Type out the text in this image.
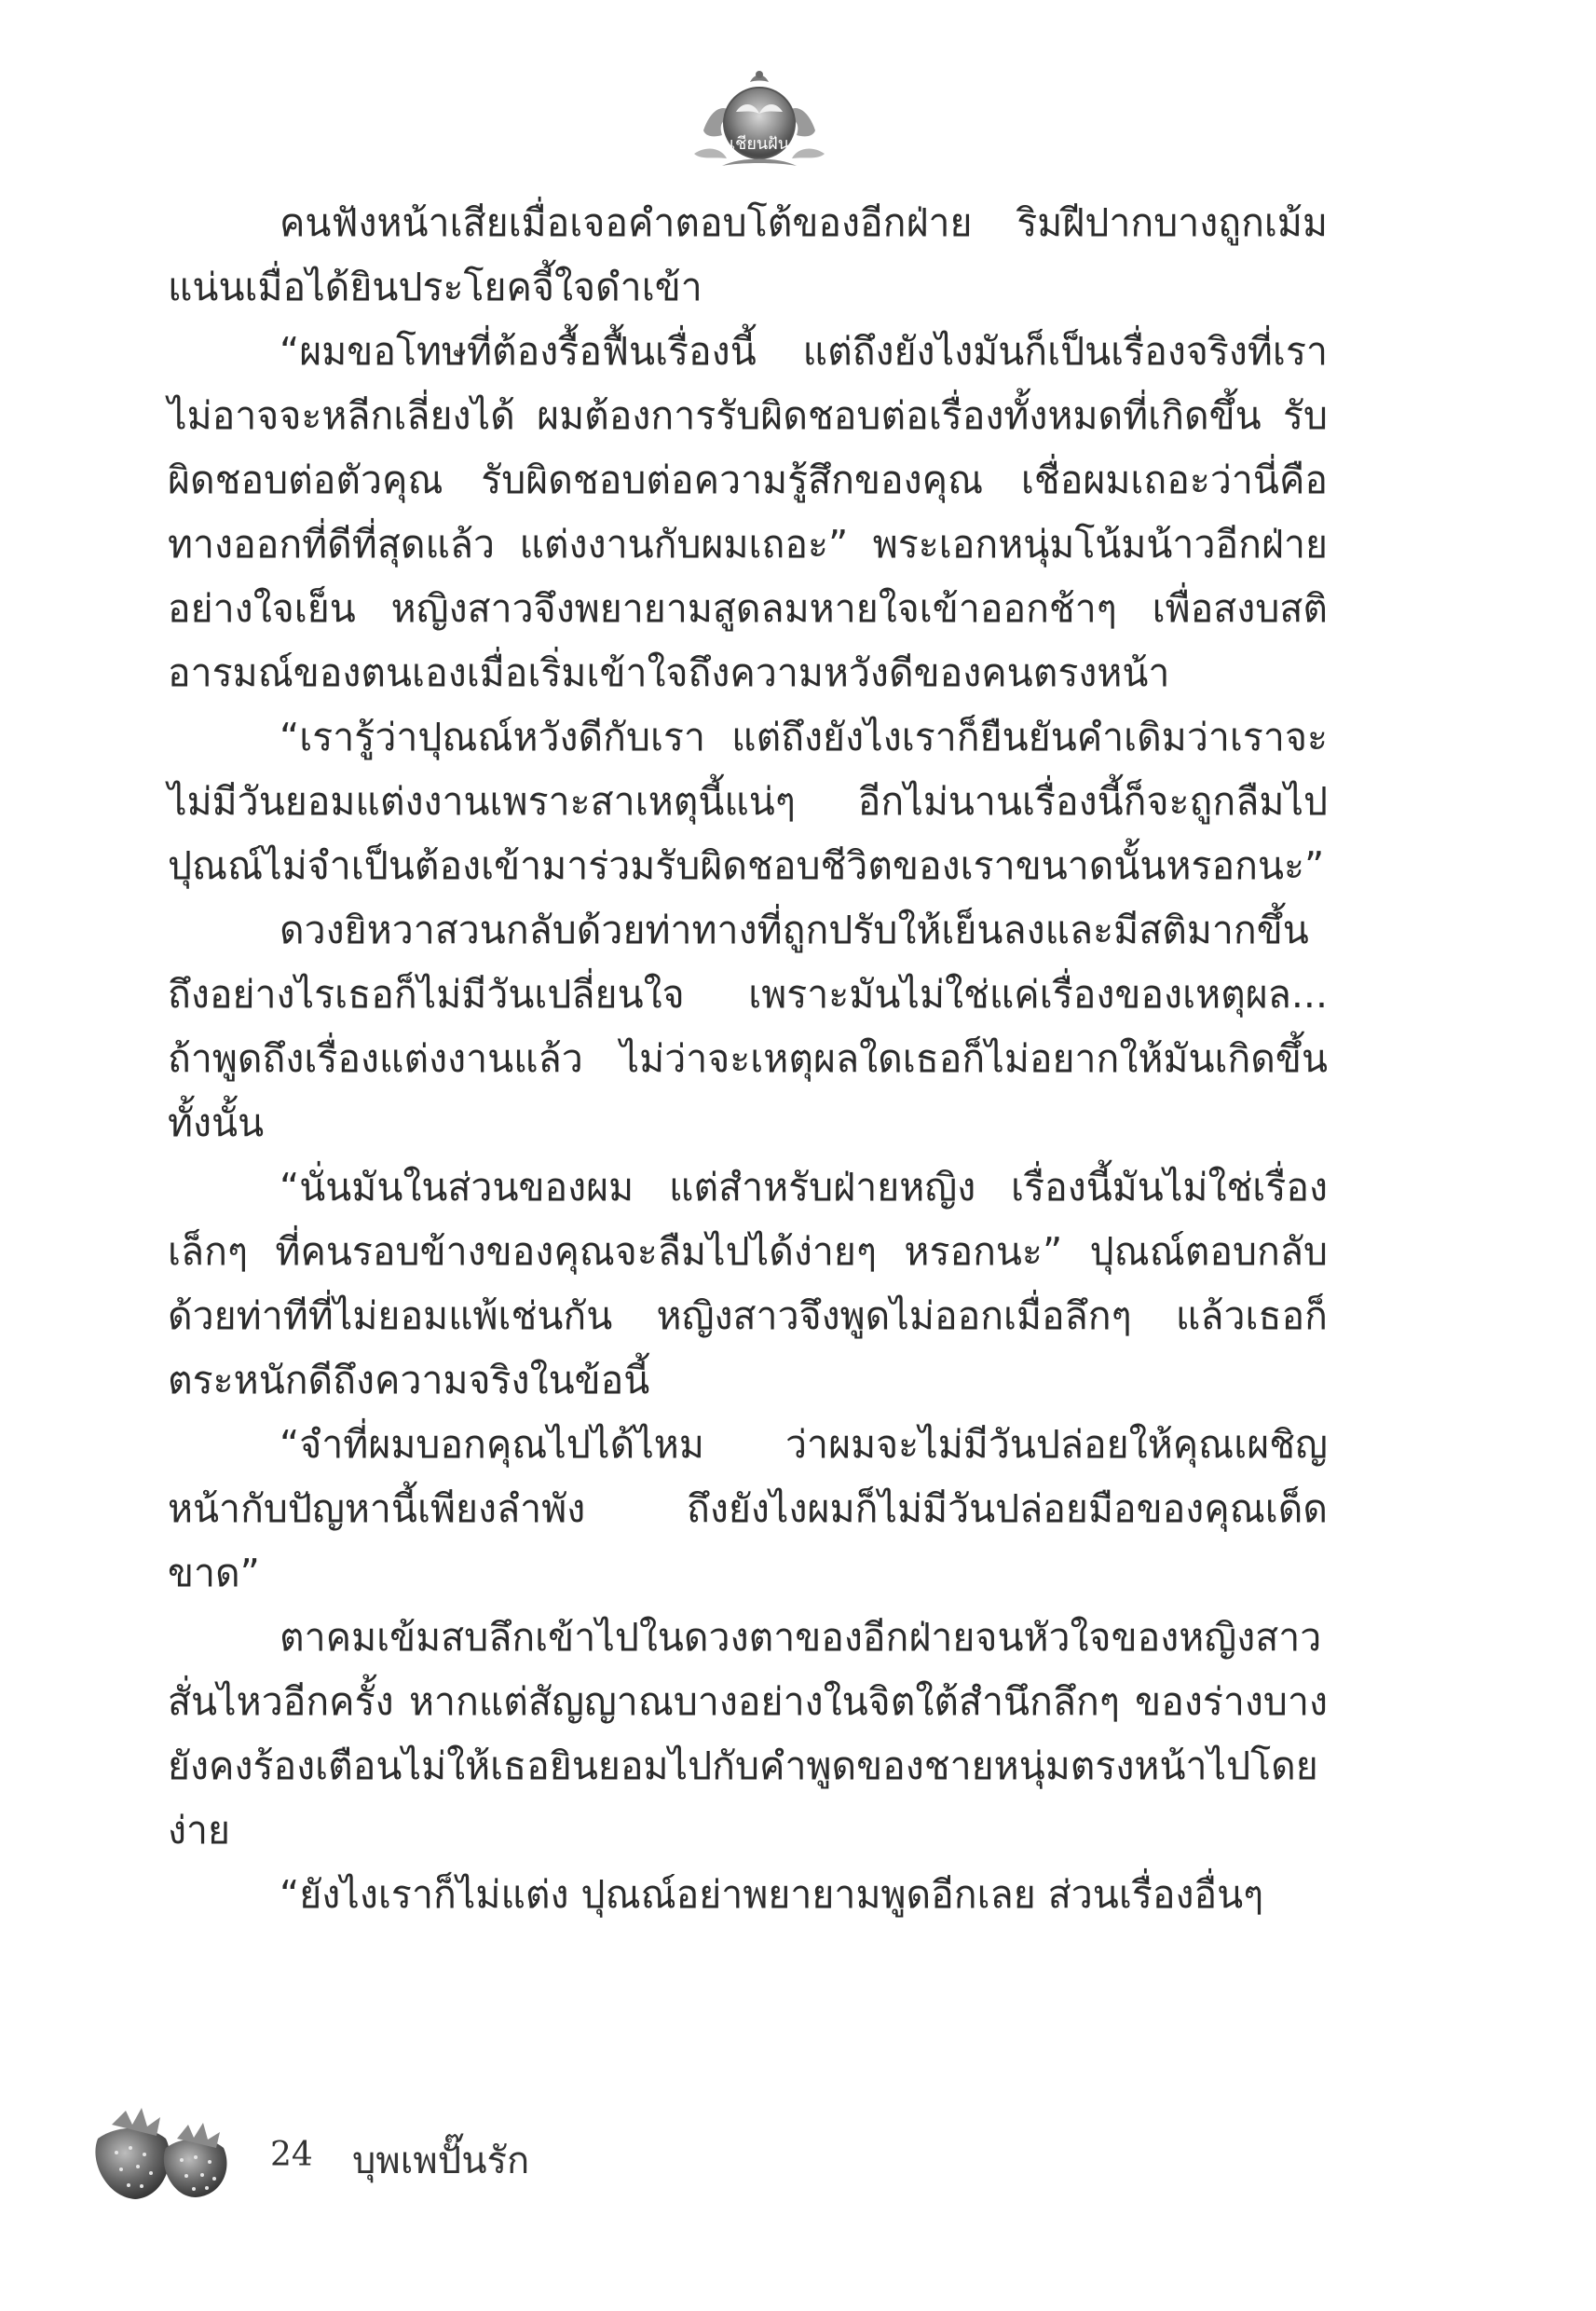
เชียนฝัน

คนฟังหน้าเสียเมื่อเจอคำตอบโต้ของอีกฝ่าย ริมฝีปากบางถูกเม้มแน่นเมื่อได้ยินประโยคจี้ใจดำเข้า

“ผมขอโทษที่ต้องรื้อฟื้นเรื่องนี้ แต่ถึงยังไงมันก็เป็นเรื่องจริงที่เราไม่อาจจะหลีกเลี่ยงได้ ผมต้องการรับผิดชอบต่อเรื่องทั้งหมดที่เกิดขึ้น รับผิดชอบต่อตัวคุณ รับผิดชอบต่อความรู้สึกของคุณ เชื่อผมเถอะว่านี่คือทางออกที่ดีที่สุดแล้ว แต่งงานกับผมเถอะ” พระเอกหนุ่มโน้มน้าวอีกฝ่ายอย่างใจเย็น หญิงสาวจึงพยายามสูดลมหายใจเข้าออกช้าๆ เพื่อสงบสติอารมณ์ของตนเองเมื่อเริ่มเข้าใจถึงความหวังดีของคนตรงหน้า

“เรารู้ว่าปุณณ์หวังดีกับเรา แต่ถึงยังไงเราก็ยืนยันคำเดิมว่าเราจะไม่มีวันยอมแต่งงานเพราะสาเหตุนี้แน่ๆ อีกไม่นานเรื่องนี้ก็จะถูกลืมไป ปุณณ์ไม่จำเป็นต้องเข้ามาร่วมรับผิดชอบชีวิตของเราขนาดนั้นหรอกนะ”

ดวงยิหวาสวนกลับด้วยท่าทางที่ถูกปรับให้เย็นลงและมีสติมากขึ้น ถึงอย่างไรเธอก็ไม่มีวันเปลี่ยนใจ เพราะมันไม่ใช่แค่เรื่องของเหตุผล... ถ้าพูดถึงเรื่องแต่งงานแล้ว ไม่ว่าจะเหตุผลใดเธอก็ไม่อยากให้มันเกิดขึ้นทั้งนั้น

“นั่นมันในส่วนของผม แต่สำหรับฝ่ายหญิง เรื่องนี้มันไม่ใช่เรื่องเล็กๆ ที่คนรอบข้างของคุณจะลืมไปได้ง่ายๆ หรอกนะ” ปุณณ์ตอบกลับด้วยท่าทีที่ไม่ยอมแพ้เช่นกัน หญิงสาวจึงพูดไม่ออกเมื่อลึกๆ แล้วเธอก็ตระหนักดีถึงความจริงในข้อนี้

“จำที่ผมบอกคุณไปได้ไหม ว่าผมจะไม่มีวันปล่อยให้คุณเผชิญหน้ากับปัญหานี้เพียงลำพัง ถึงยังไงผมก็ไม่มีวันปล่อยมือของคุณเด็ดขาด”

ตาคมเข้มสบลึกเข้าไปในดวงตาของอีกฝ่ายจนหัวใจของหญิงสาวสั่นไหวอีกครั้ง หากแต่สัญญาณบางอย่างในจิตใต้สำนึกลึกๆ ของร่างบางยังคงร้องเตือนไม่ให้เธอยินยอมไปกับคำพูดของชายหนุ่มตรงหน้าไปโดยง่าย

“ยังไงเราก็ไม่แต่ง ปุณณ์อย่าพยายามพูดอีกเลย ส่วนเรื่องอื่นๆ

24 บุพเพปั๊นรัก
